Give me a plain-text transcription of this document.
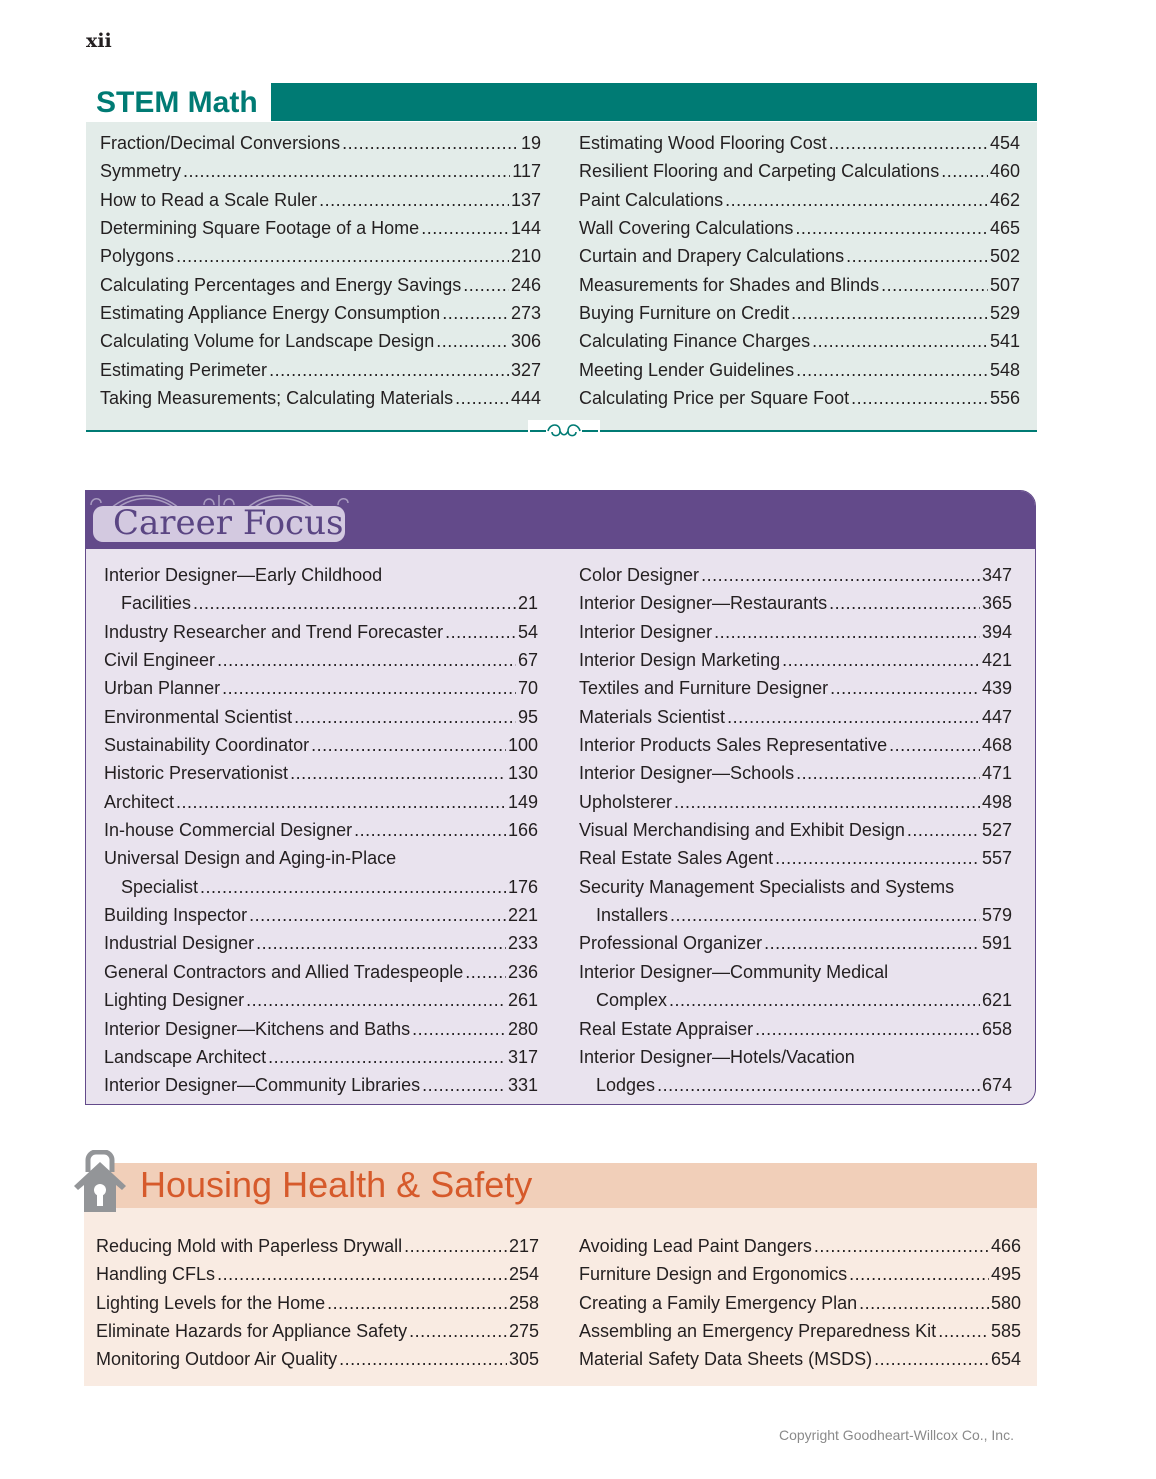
xii
STEM Math
Fraction/Decimal Conversions .....	19
Symmetry .....	117
How to Read a Scale Ruler .....	137
Determining Square Footage of a Home .....	144
Polygons .....	210
Calculating Percentages and Energy Savings .....	246
Estimating Appliance Energy Consumption .....	273
Calculating Volume for Landscape Design .....	306
Estimating Perimeter .....	327
Taking Measurements; Calculating Materials .....	444
Estimating Wood Flooring Cost .....	454
Resilient Flooring and Carpeting Calculations .....	460
Paint Calculations .....	462
Wall Covering Calculations .....	465
Curtain and Drapery Calculations .....	502
Measurements for Shades and Blinds .....	507
Buying Furniture on Credit .....	529
Calculating Finance Charges .....	541
Meeting Lender Guidelines .....	548
Calculating Price per Square Foot .....	556
Career Focus
Interior Designer—Early Childhood
Facilities .....	21
Industry Researcher and Trend Forecaster .....	54
Civil Engineer .....	67
Urban Planner .....	70
Environmental Scientist .....	95
Sustainability Coordinator .....	100
Historic Preservationist .....	130
Architect .....	149
In-house Commercial Designer .....	166
Universal Design and Aging-in-Place
Specialist .....	176
Building Inspector .....	221
Industrial Designer .....	233
General Contractors and Allied Tradespeople ..... 236
Lighting Designer .....	261
Interior Designer—Kitchens and Baths .....	280
Landscape Architect .....	317
Interior Designer—Community Libraries .....	331
Color Designer .....	347
Interior Designer—Restaurants .....	365
Interior Designer .....	394
Interior Design Marketing .....	421
Textiles and Furniture Designer .....	439
Materials Scientist .....	447
Interior Products Sales Representative .....	468
Interior Designer—Schools .....	471
Upholsterer .....	498
Visual Merchandising and Exhibit Design .....	527
Real Estate Sales Agent .....	557
Security Management Specialists and Systems
Installers .....	579
Professional Organizer .....	591
Interior Designer—Community Medical
Complex .....	621
Real Estate Appraiser .....	658
Interior Designer—Hotels/Vacation
Lodges .....	674
Housing Health & Safety
Reducing Mold with Paperless Drywall .....	217
Handling CFLs .....	254
Lighting Levels for the Home .....	258
Eliminate Hazards for Appliance Safety .....	275
Monitoring Outdoor Air Quality .....	305
Avoiding Lead Paint Dangers .....	466
Furniture Design and Ergonomics .....	495
Creating a Family Emergency Plan .....	580
Assembling an Emergency Preparedness Kit .....	585
Material Safety Data Sheets (MSDS) .....	654
Copyright Goodheart-Willcox Co., Inc.
